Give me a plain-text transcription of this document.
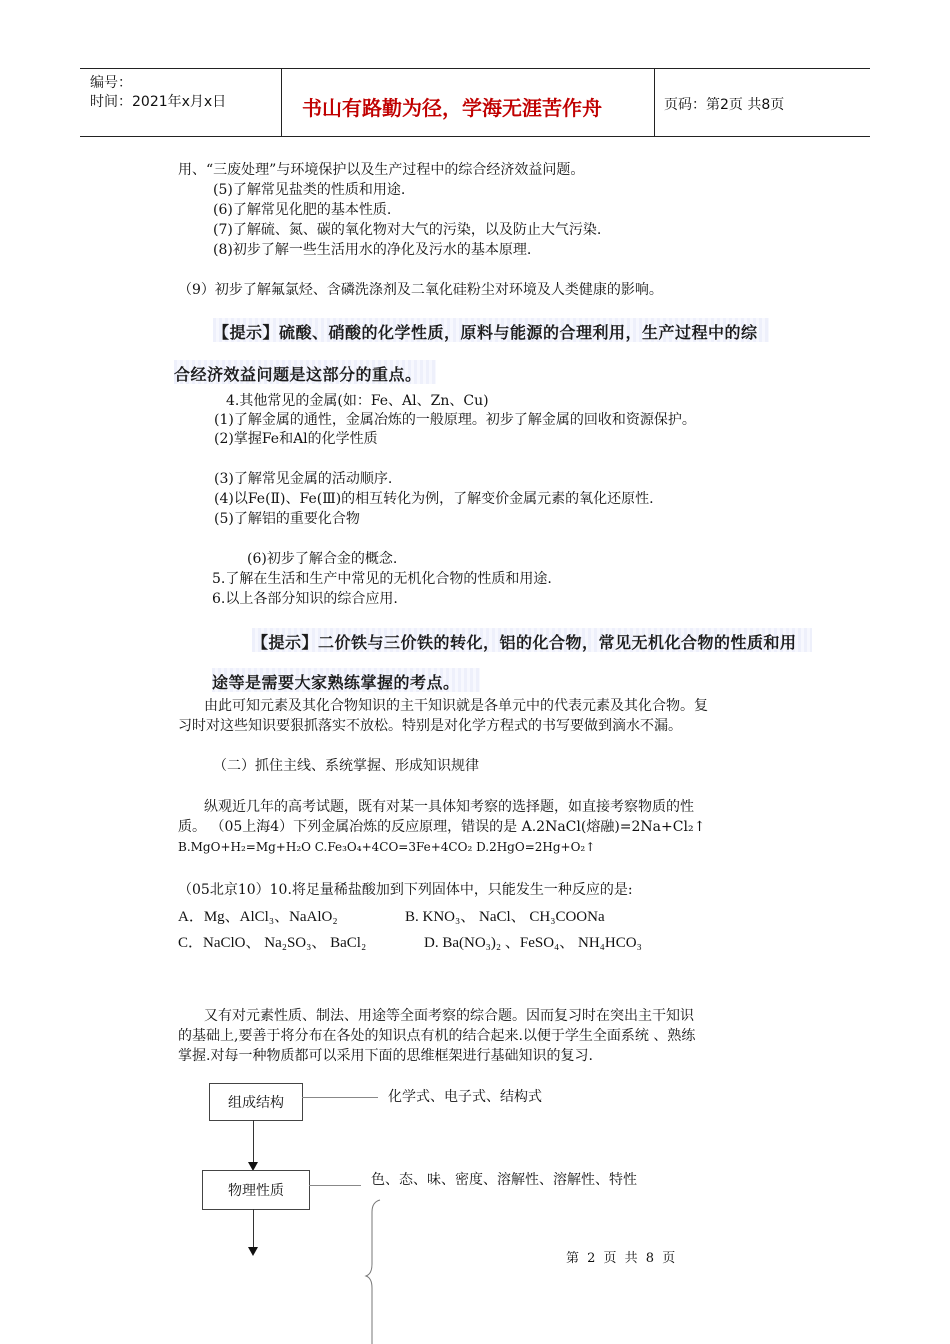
编号：
时间：2021年x月x日	书山有路勤为径，学海无涯苦作舟	页码：第2页 共8页
用、“三废处理”与环境保护以及生产过程中的综合经济效益问题。
(5)了解常见盐类的性质和用途.
(6)了解常见化肥的基本性质.
(7)了解硫、氮、碳的氧化物对大气的污染，以及防止大气污染.
(8)初步了解一些生活用水的净化及污水的基本原理.
（9）初步了解氟氯烃、含磷洗涤剂及二氧化硅粉尘对环境及人类健康的影响。
【提示】硫酸、硝酸的化学性质，原料与能源的合理利用，生产过程中的综
合经济效益问题是这部分的重点。
4.其他常见的金属(如：Fe、Al、Zn、Cu)
(1)了解金属的通性，金属冶炼的一般原理。初步了解金属的回收和资源保护。
(2)掌握Fe和Al的化学性质
(3)了解常见金属的活动顺序.
(4)以Fe(Ⅱ)、Fe(Ⅲ)的相互转化为例，了解变价金属元素的氧化还原性.
(5)了解铝的重要化合物
(6)初步了解合金的概念.
5.了解在生活和生产中常见的无机化合物的性质和用途.
6.以上各部分知识的综合应用.
【提示】二价铁与三价铁的转化，铝的化合物，常见无机化合物的性质和用
途等是需要大家熟练掌握的考点。
由此可知元素及其化合物知识的主干知识就是各单元中的代表元素及其化合物。复
习时对这些知识要狠抓落实不放松。特别是对化学方程式的书写要做到滴水不漏。
（二）抓住主线、系统掌握、形成知识规律
纵观近几年的高考试题，既有对某一具体知考察的选择题，如直接考察物质的性
质。 （05上海4）下列金属冶炼的反应原理，错误的是 A.2NaCl(熔融)=2Na+Cl₂↑
B.MgO+H₂=Mg+H₂O C.Fe₃O₄+4CO=3Fe+4CO₂ D.2HgO=2Hg+O₂↑
（05北京10）10.将足量稀盐酸加到下列固体中，只能发生一种反应的是:
A．Mg、AlCl₃、NaAlO₂	B. KNO₃、 NaCl、 CH₃COONa
C．NaClO、 Na₂SO₃、 BaCl₂	D. Ba(NO₃)₂ 、FeSO₄、 NH₄HCO₃
又有对元素性质、制法、用途等全面考察的综合题。因而复习时在突出主干知识
的基础上,要善于将分布在各处的知识点有机的结合起来.以便于学生全面系统 、熟练
掌握.对每一种物质都可以采用下面的思维框架进行基础知识的复习.
组成结构	化学式、电子式、结构式
物理性质
色、态、味、密度、溶解性、溶解性、特性
第 2 页 共 8 页
